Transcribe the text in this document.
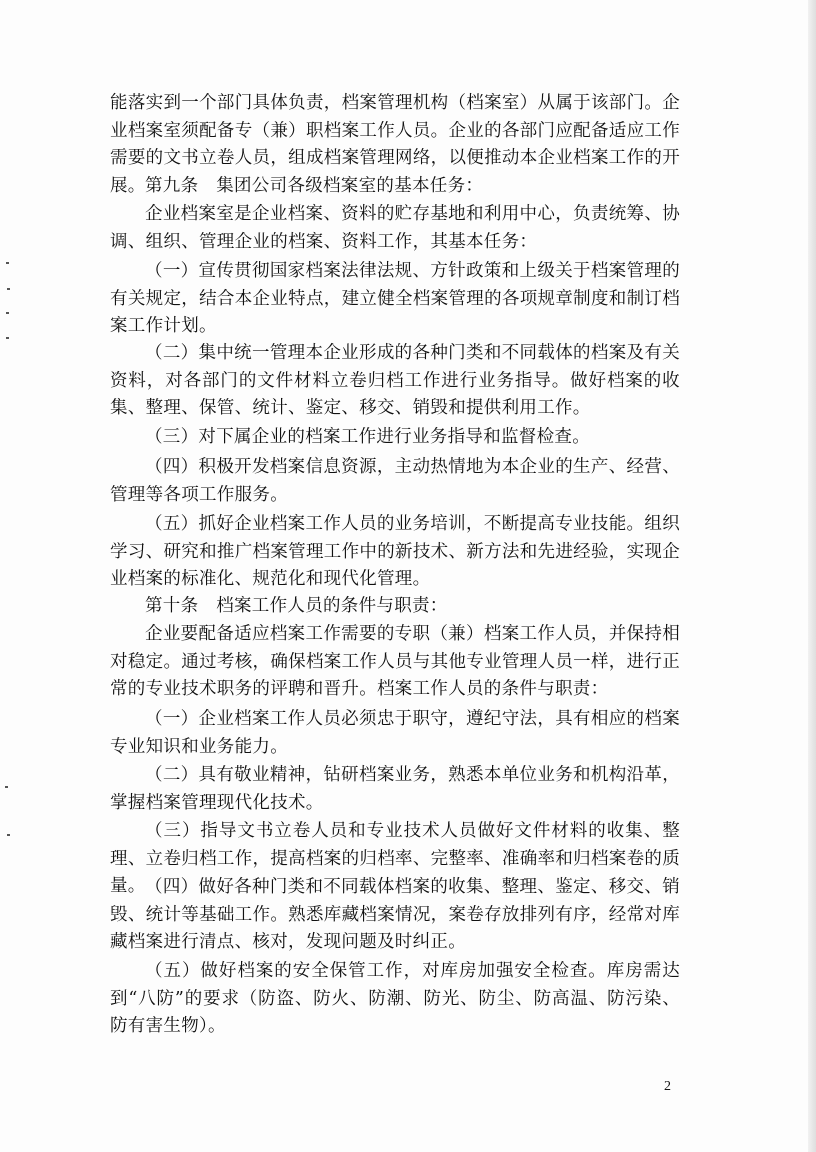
能落实到一个部门具体负责，档案管理机构（档案室）从属于该部门。企业档案室须配备专（兼）职档案工作人员。企业的各部门应配备适应工作需要的文书立卷人员，组成档案管理网络，以便推动本企业档案工作的开展。 第九条　集团公司各级档案室的基本任务：

企业档案室是企业档案、资料的贮存基地和利用中心，负责统筹、协调、组织、管理企业的档案、资料工作，其基本任务：

（一）宣传贯彻国家档案法律法规、方针政策和上级关于档案管理的有关规定，结合本企业特点，建立健全档案管理的各项规章制度和制订档案工作计划。

（二）集中统一管理本企业形成的各种门类和不同载体的档案及有关资料，对各部门的文件材料立卷归档工作进行业务指导。做好档案的收集、整理、保管、统计、鉴定、移交、销毁和提供利用工作。

（三）对下属企业的档案工作进行业务指导和监督检查。

（四）积极开发档案信息资源，主动热情地为本企业的生产、经营、管理等各项工作服务。

（五）抓好企业档案工作人员的业务培训，不断提高专业技能。组织学习、研究和推广档案管理工作中的新技术、新方法和先进经验，实现企业档案的标准化、规范化和现代化管理。

第十条　档案工作人员的条件与职责：

企业要配备适应档案工作需要的专职（兼）档案工作人员，并保持相对稳定。通过考核，确保档案工作人员与其他专业管理人员一样，进行正常的专业技术职务的评聘和晋升。档案工作人员的条件与职责：

（一）企业档案工作人员必须忠于职守，遵纪守法，具有相应的档案专业知识和业务能力。

（二）具有敬业精神，钻研档案业务，熟悉本单位业务和机构沿革，掌握档案管理现代化技术。

（三）指导文书立卷人员和专业技术人员做好文件材料的收集、整理、立卷归档工作，提高档案的归档率、完整率、准确率和归档案卷的质量。 （四）做好各种门类和不同载体档案的收集、整理、鉴定、移交、销毁、统计等基础工作。熟悉库藏档案情况，案卷存放排列有序，经常对库藏档案进行清点、核对，发现问题及时纠正。

（五）做好档案的安全保管工作，对库房加强安全检查。库房需达到“八防”的要求（防盗、防火、防潮、防光、防尘、防高温、防污染、防有害生物）。

2
